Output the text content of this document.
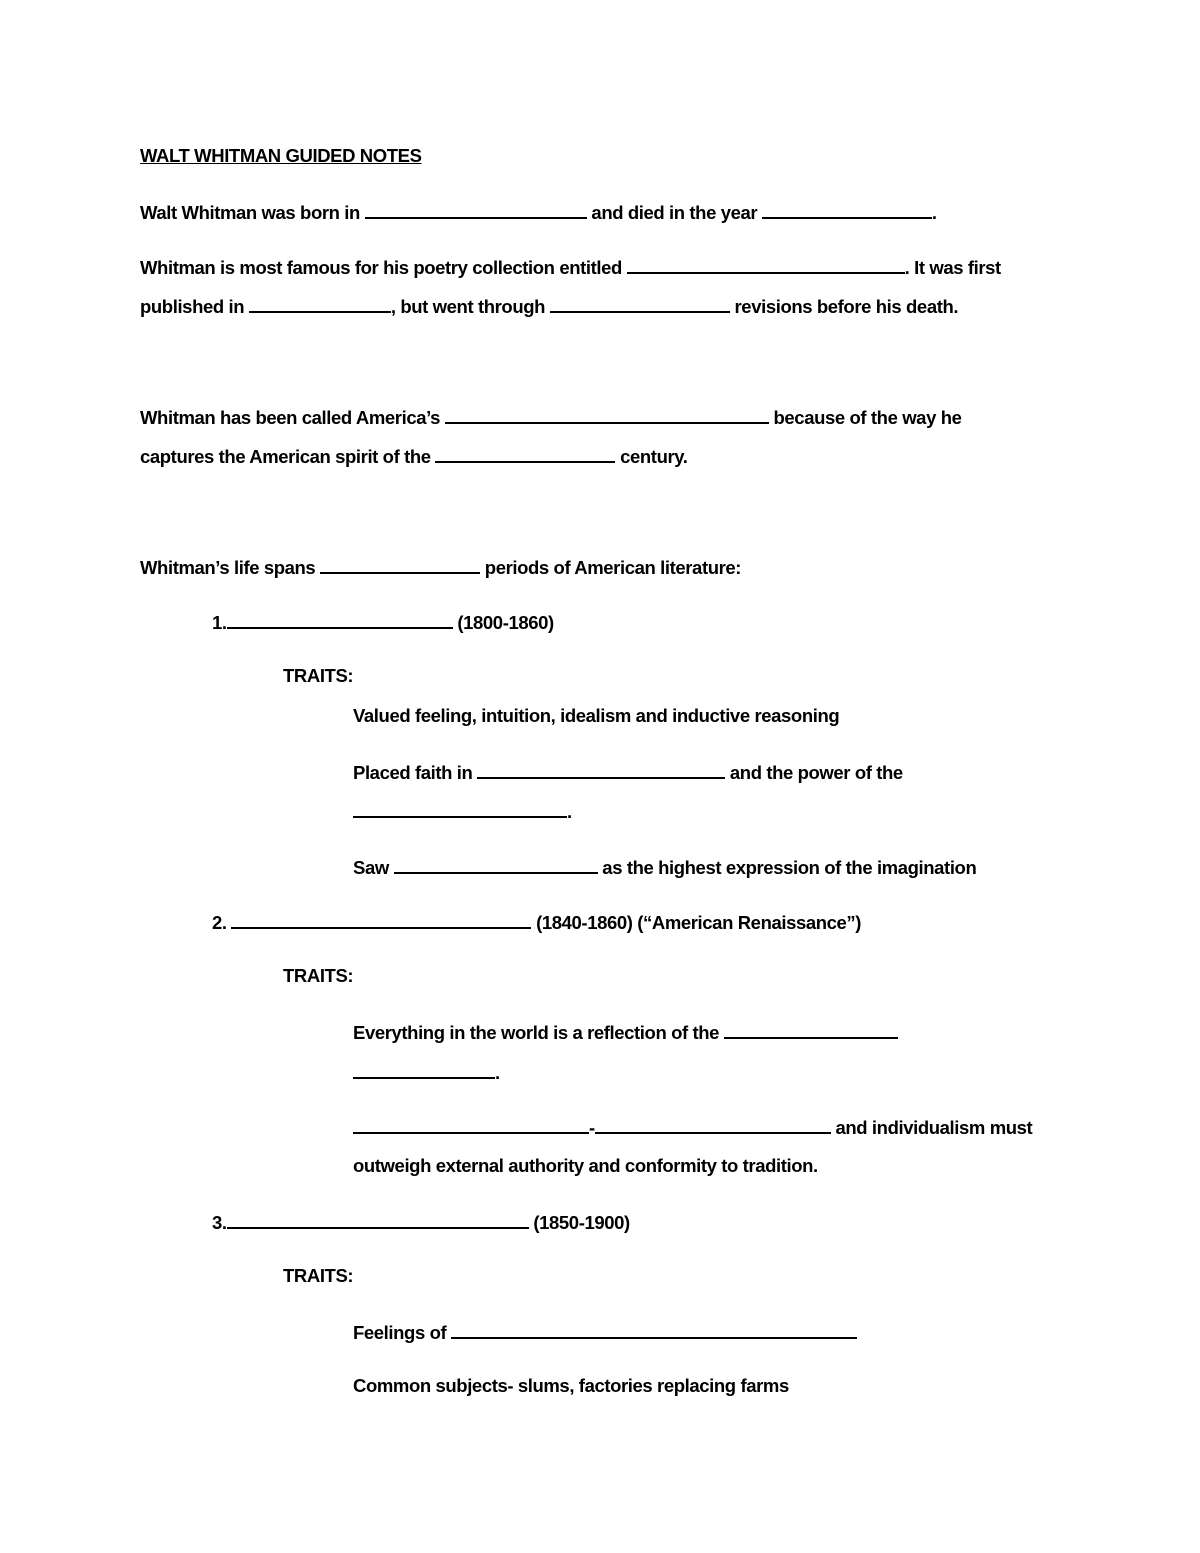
WALT WHITMAN GUIDED NOTES
Walt Whitman was born in	and died in the year	.
Whitman is most famous for his poetry collection entitled	. It was first
published in	, but went through	revisions before his death.
Whitman has been called America’s	because of the way he
captures the American spirit of the	century.
Whitman’s life spans	periods of American literature:
1.	(1800-1860)
TRAITS:
Valued feeling, intuition, idealism and inductive reasoning
Placed faith in	and the power of the
.
Saw	as the highest expression of the imagination
2.	(1840-1860) (“American Renaissance”)
TRAITS:
Everything in the world is a reflection of the
.
-	and individualism must
outweigh external authority and conformity to tradition.
3.	(1850-1900)
TRAITS:
Feelings of
Common subjects- slums, factories replacing farms
